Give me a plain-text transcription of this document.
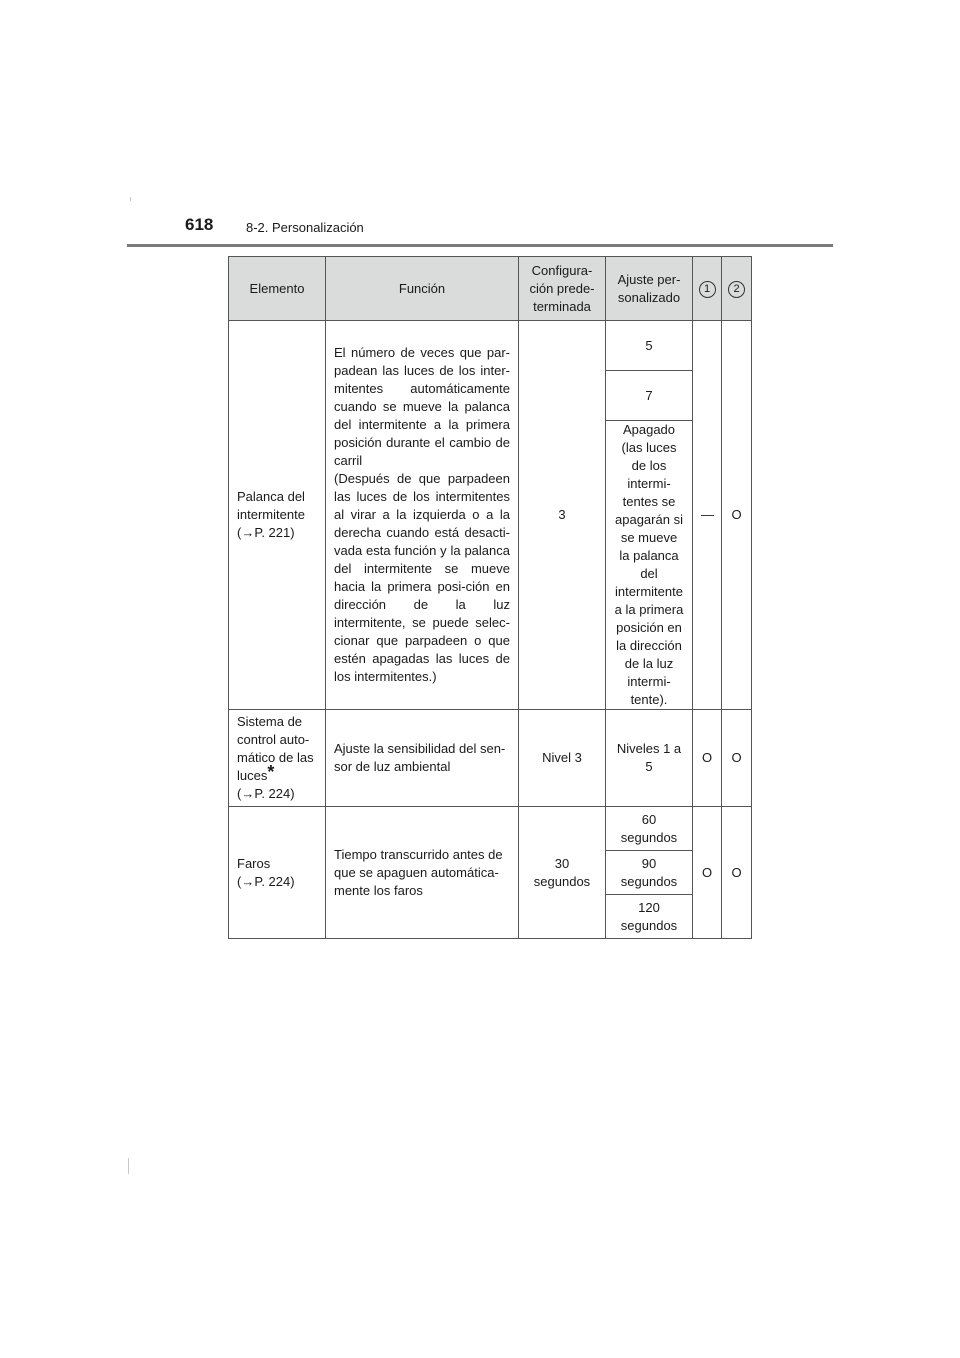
618	8-2. Personalización
Elemento	Función	Configura-
ción prede-
terminada	Ajuste per-
sonalizado	1	2
Palanca del intermitente
(→P. 221)	El número de veces que par-padean las luces de los inter-mitentes automáticamente cuando se mueve la palanca del intermitente a la primera posición durante el cambio de carril
(Después de que parpadeen las luces de los intermitentes al virar a la izquierda o a la derecha cuando está desacti-vada esta función y la palanca del intermitente se mueve hacia la primera posi-ción en dirección de la luz intermitente, se puede selec-cionar que parpadeen o que estén apagadas las luces de los intermitentes.)	3	5	—	O
			7		
			Apagado (las luces de los intermi-tentes se apagarán si se mueve la palanca del intermitente a la primera posición en la dirección de la luz intermi-tente).		
Sistema de control auto-mático de las luces*
(→P. 224)	Ajuste la sensibilidad del sen-sor de luz ambiental	Nivel 3	Niveles 1 a 5	O	O
Faros
(→P. 224)	Tiempo transcurrido antes de que se apaguen automática-mente los faros	30 segundos	60 segundos	O	O
			90 segundos		
			120 segundos		
